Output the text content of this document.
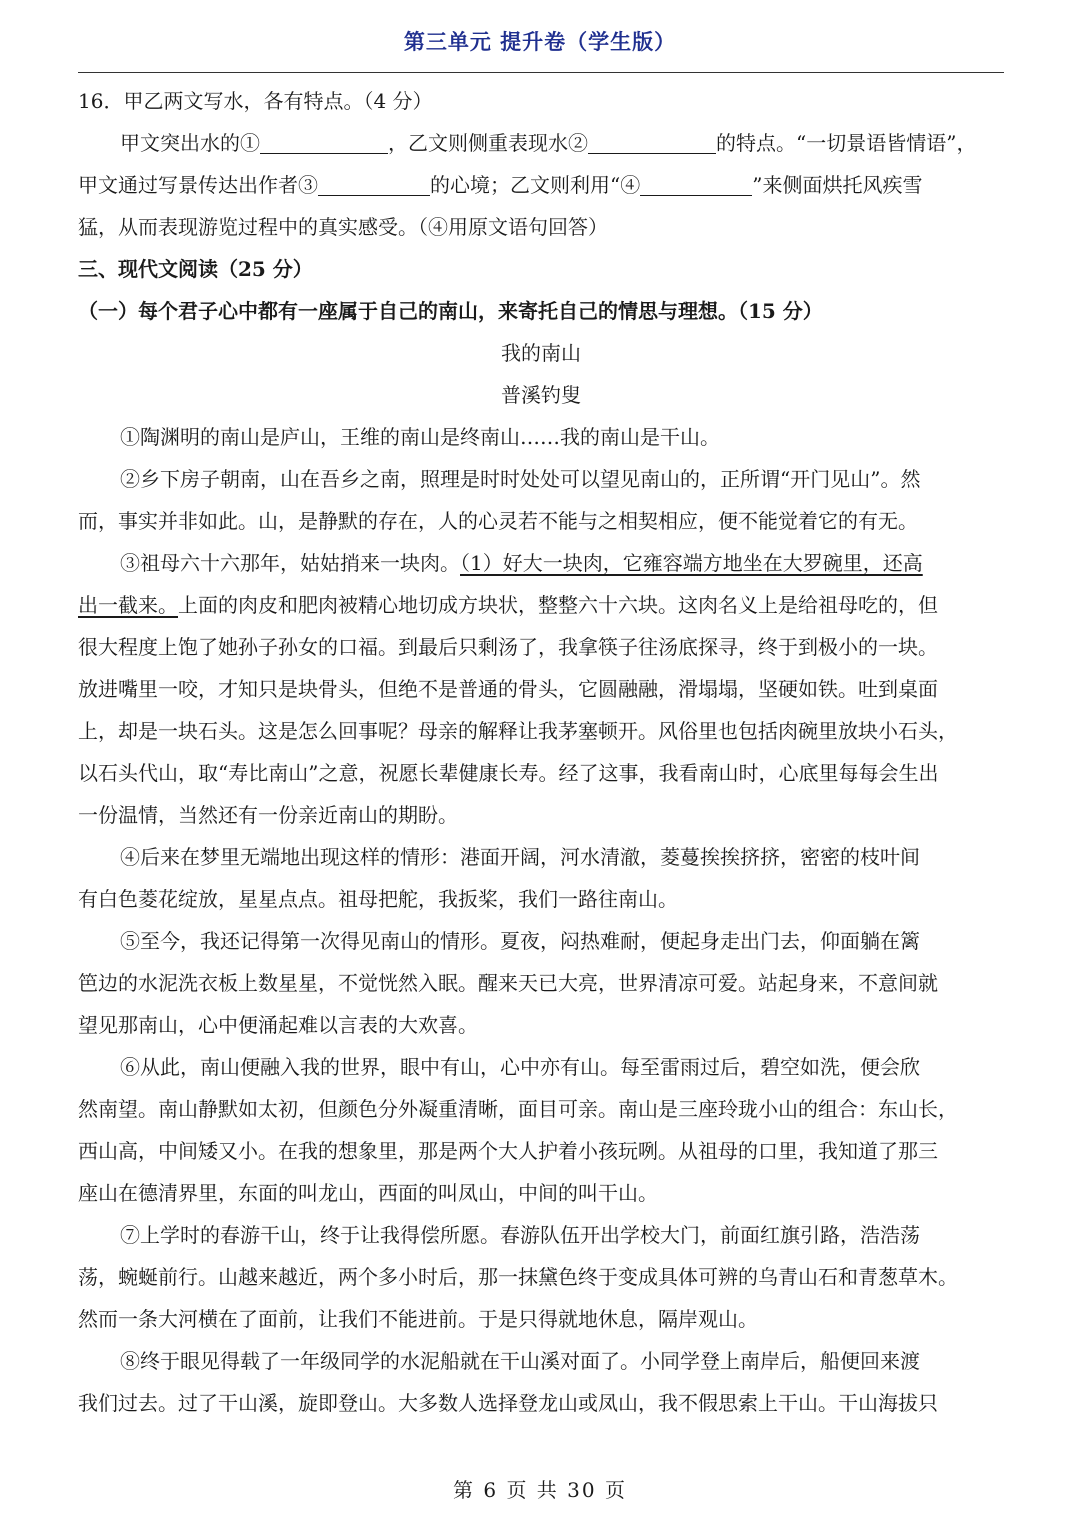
第三单元 提升卷（学生版）
16．甲乙两文写水，各有特点。（4 分）
甲文突出水的①	，乙文则侧重表现水②	的特点。“一切景语皆情语”，
甲文通过写景传达出作者③	的心境；乙文则利用“④	”来侧面烘托风疾雪
猛，从而表现游览过程中的真实感受。（④用原文语句回答）
三、现代文阅读（25 分）
（一）每个君子心中都有一座属于自己的南山，来寄托自己的情思与理想。（15 分）
我的南山
普溪钓叟
①陶渊明的南山是庐山，王维的南山是终南山……我的南山是干山。
②乡下房子朝南，山在吾乡之南，照理是时时处处可以望见南山的，正所谓“开门见山”。然
而，事实并非如此。山，是静默的存在，人的心灵若不能与之相契相应，便不能觉着它的有无。
③祖母六十六那年，姑姑捎来一块肉。（1）好大一块肉，它雍容端方地坐在大罗碗里，还高
出一截来。上面的肉皮和肥肉被精心地切成方块状，整整六十六块。这肉名义上是给祖母吃的，但
很大程度上饱了她孙子孙女的口福。到最后只剩汤了，我拿筷子往汤底探寻，终于到极小的一块。
放进嘴里一咬，才知只是块骨头，但绝不是普通的骨头，它圆融融，滑塌塌，坚硬如铁。吐到桌面
上，却是一块石头。这是怎么回事呢？母亲的解释让我茅塞顿开。风俗里也包括肉碗里放块小石头，
以石头代山，取“寿比南山”之意，祝愿长辈健康长寿。经了这事，我看南山时，心底里每每会生出
一份温情，当然还有一份亲近南山的期盼。
④后来在梦里无端地出现这样的情形：港面开阔，河水清澈，菱蔓挨挨挤挤，密密的枝叶间
有白色菱花绽放，星星点点。祖母把舵，我扳桨，我们一路往南山。
⑤至今，我还记得第一次得见南山的情形。夏夜，闷热难耐，便起身走出门去，仰面躺在篱
笆边的水泥洗衣板上数星星，不觉恍然入眠。醒来天已大亮，世界清凉可爱。站起身来，不意间就
望见那南山，心中便涌起难以言表的大欢喜。
⑥从此，南山便融入我的世界，眼中有山，心中亦有山。每至雷雨过后，碧空如洗，便会欣
然南望。南山静默如太初，但颜色分外凝重清晰，面目可亲。南山是三座玲珑小山的组合：东山长，
西山高，中间矮又小。在我的想象里，那是两个大人护着小孩玩咧。从祖母的口里，我知道了那三
座山在德清界里，东面的叫龙山，西面的叫凤山，中间的叫干山。
⑦上学时的春游干山，终于让我得偿所愿。春游队伍开出学校大门，前面红旗引路，浩浩荡
荡，蜿蜒前行。山越来越近，两个多小时后，那一抹黛色终于变成具体可辨的乌青山石和青葱草木。
然而一条大河横在了面前，让我们不能进前。于是只得就地休息，隔岸观山。
⑧终于眼见得载了一年级同学的水泥船就在干山溪对面了。小同学登上南岸后，船便回来渡
我们过去。过了干山溪，旋即登山。大多数人选择登龙山或凤山，我不假思索上干山。干山海拔只
第 6 页 共 30 页
